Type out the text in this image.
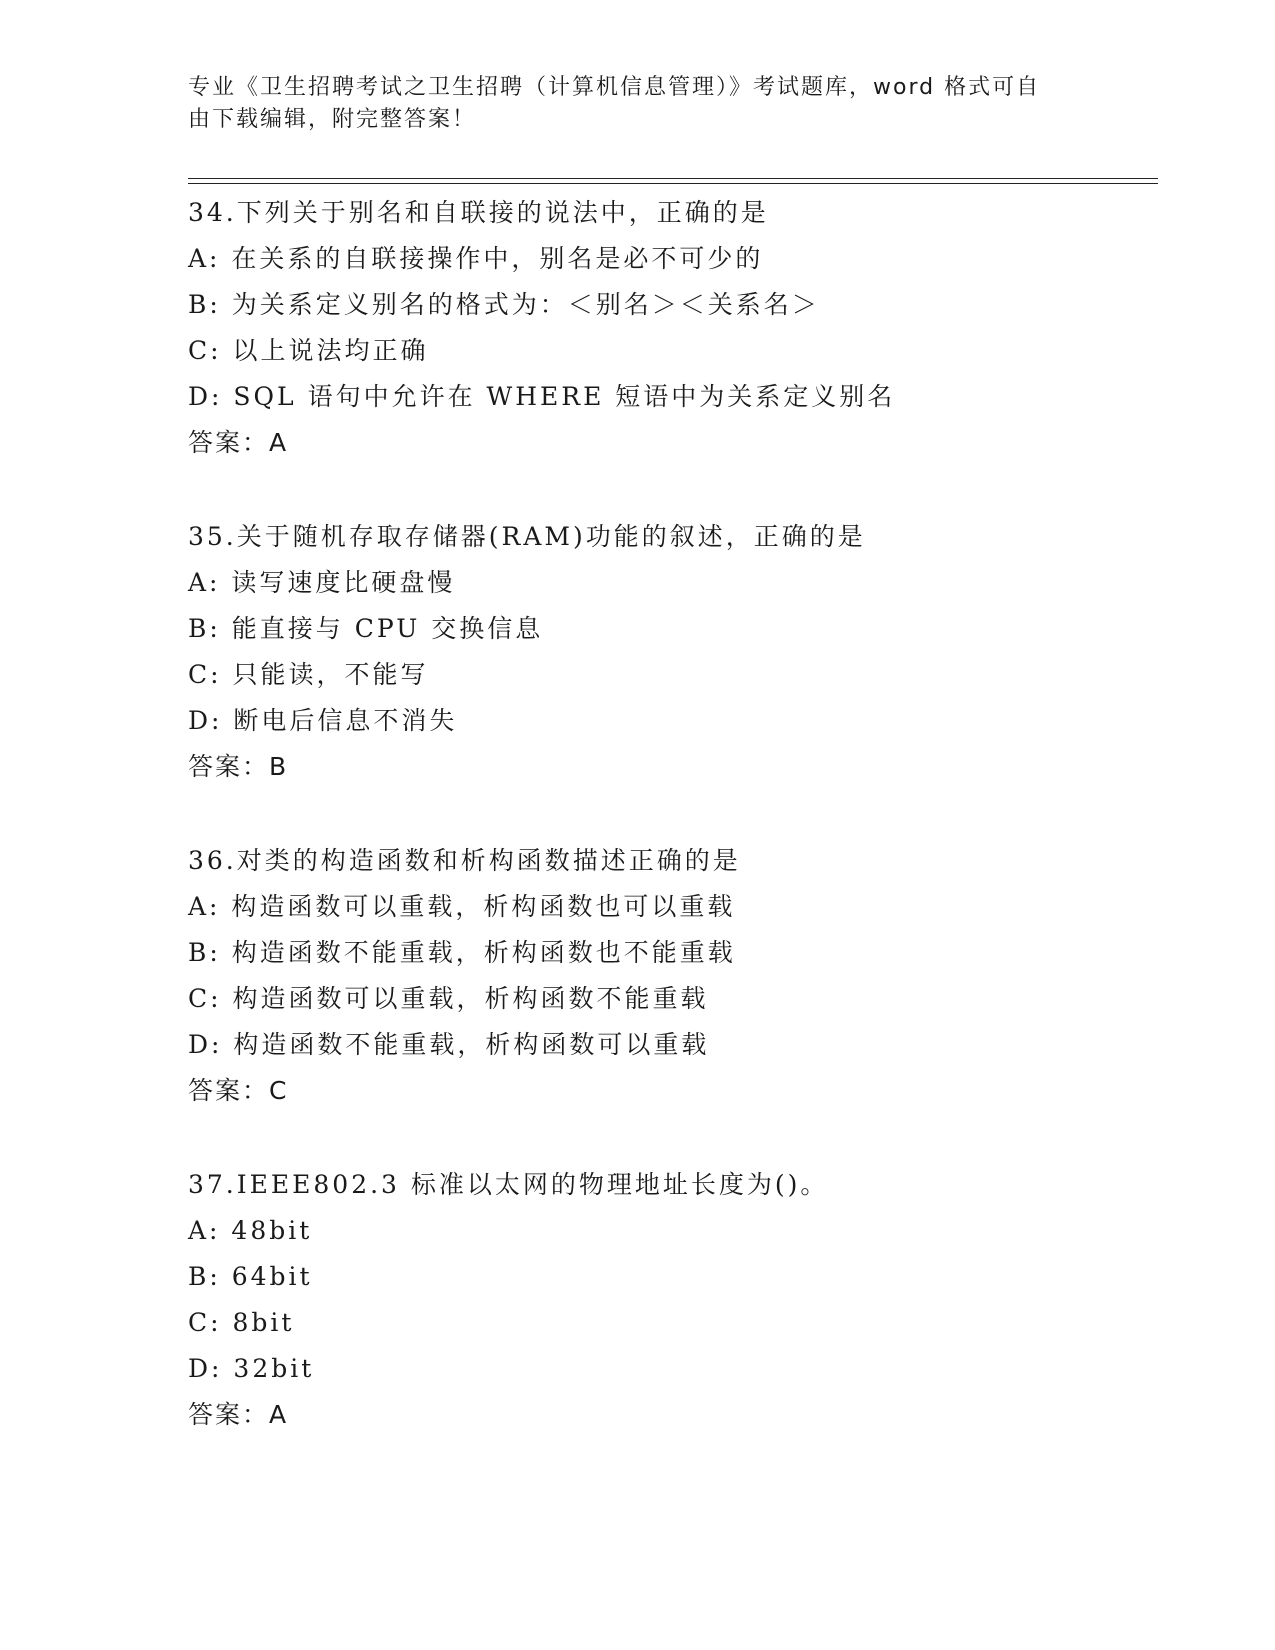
专业《卫生招聘考试之卫生招聘（计算机信息管理）》考试题库，word 格式可自
由下载编辑，附完整答案！
34.下列关于别名和自联接的说法中，正确的是
A: 在关系的自联接操作中，别名是必不可少的
B: 为关系定义别名的格式为：＜别名＞＜关系名＞
C: 以上说法均正确
D: SQL 语句中允许在 WHERE 短语中为关系定义别名
答案：A
35.关于随机存取存储器(RAM)功能的叙述，正确的是
A: 读写速度比硬盘慢
B: 能直接与 CPU 交换信息
C: 只能读，不能写
D: 断电后信息不消失
答案：B
36.对类的构造函数和析构函数描述正确的是
A: 构造函数可以重载，析构函数也可以重载
B: 构造函数不能重载，析构函数也不能重载
C: 构造函数可以重载，析构函数不能重载
D: 构造函数不能重载，析构函数可以重载
答案：C
37.IEEE802.3 标准以太网的物理地址长度为()。
A: 48bit
B: 64bit
C: 8bit
D: 32bit
答案：A
